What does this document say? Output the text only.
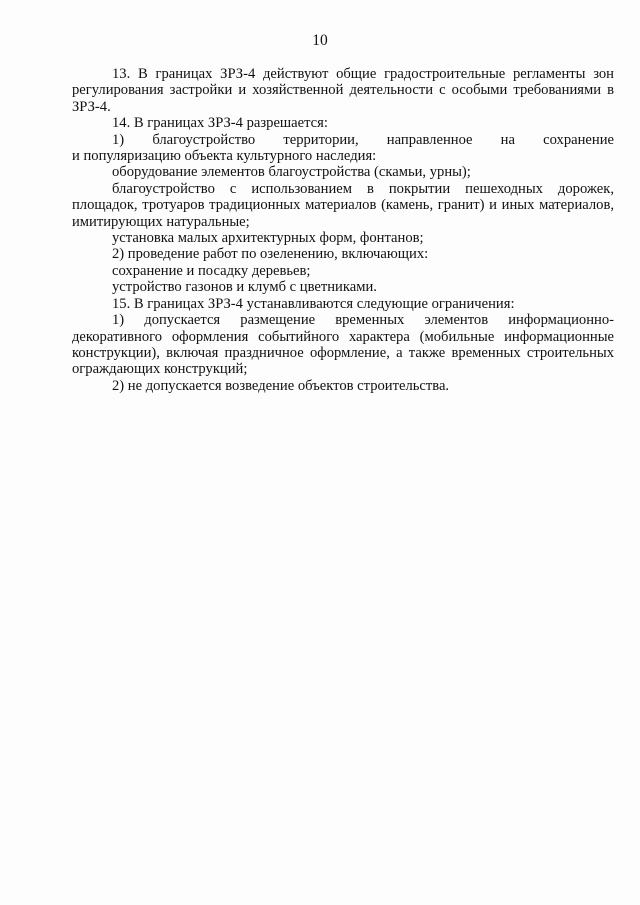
10

13. В границах ЗРЗ-4 действуют общие градостроительные регламенты зон регулирования застройки и хозяйственной деятельности с особыми требованиями в ЗРЗ-4.

14. В границах ЗРЗ-4 разрешается:

1) благоустройство территории, направленное на сохранение

и популяризацию объекта культурного наследия:

оборудование элементов благоустройства (скамьи, урны);

благоустройство с использованием в покрытии пешеходных дорожек, площадок, тротуаров традиционных материалов (камень, гранит) и иных материалов, имитирующих натуральные;

установка малых архитектурных форм, фонтанов;

2) проведение работ по озеленению, включающих:

сохранение и посадку деревьев;

устройство газонов и клумб с цветниками.

15. В границах ЗРЗ-4 устанавливаются следующие ограничения:

1) допускается размещение временных элементов информационно-декоративного оформления событийного характера (мобильные информационные конструкции), включая праздничное оформление, а также временных строительных ограждающих конструкций;

2) не допускается возведение объектов строительства.
